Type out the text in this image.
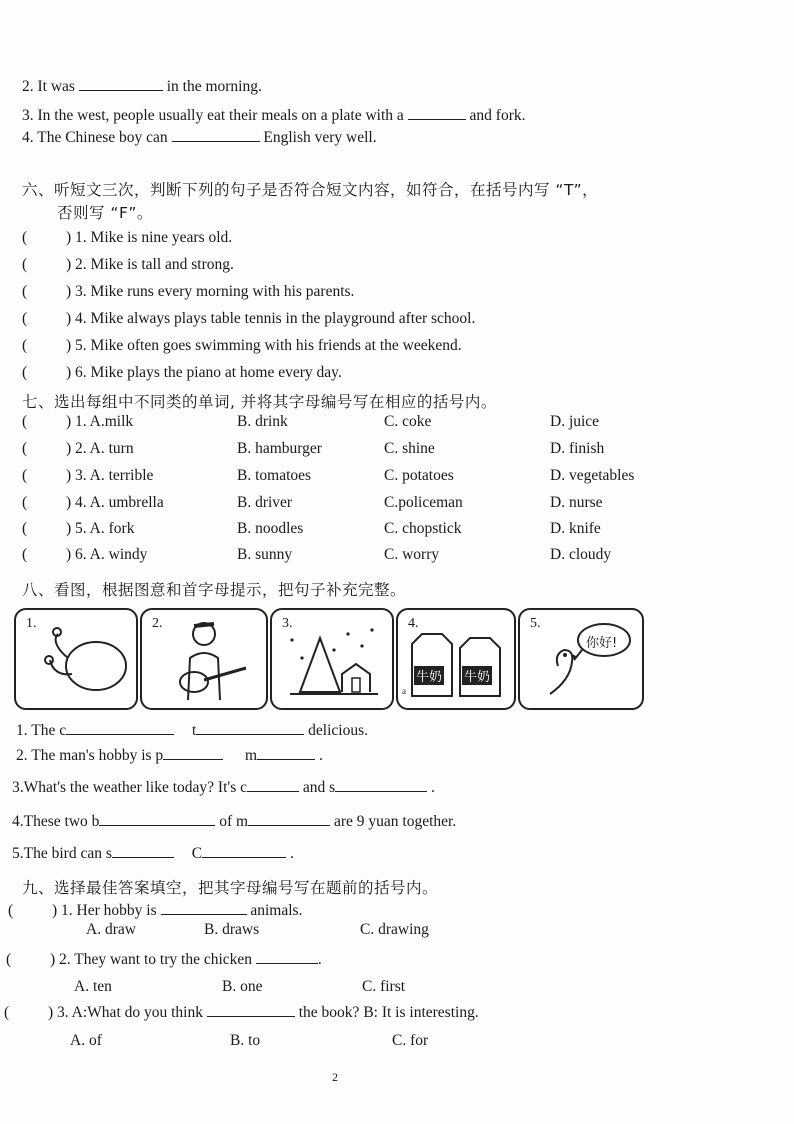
2. It was	in the morning.
3. In the west, people usually eat their meals on a plate with a	and fork.
4. The Chinese boy can	English very well.
六、听短文三次，判断下列的句子是否符合短文内容，如符合，在括号内写 “T”，
否则写 “F”。
(	) 1. Mike is nine years old.
(	) 2. Mike is tall and strong.
(	) 3. Mike runs every morning with his parents.
(	) 4. Mike always plays table tennis in the playground after school.
(	) 5. Mike often goes swimming with his friends at the weekend.
(	) 6. Mike plays the piano at home every day.
七、选出每组中不同类的单词, 并将其字母编号写在相应的括号内。
(	) 1. A.milk	B. drink	C. coke	D. juice
(	) 2. A. turn	B. hamburger	C. shine	D. finish
(	) 3. A. terrible	B. tomatoes	C. potatoes	D. vegetables
(	) 4. A. umbrella	B. driver	C.policeman	D. nurse
(	) 5. A. fork	B. noodles	C. chopstick	D. knife
(	) 6. A. windy	B. sunny	C. worry	D. cloudy
八、看图，根据图意和首字母提示，把句子补充完整。
1.	2.	3.	4.
牛奶 牛奶
a
5.
你好!
1. The c	t	delicious.
2. The man's hobby is p	m	.
3.What's the weather like today? It's c	and s	.
4.These two b	of m	are 9 yuan together.
5.The bird can s	C	.
九、选择最佳答案填空，把其字母编号写在题前的括号内。
(	) 1. Her hobby is	animals.
A. draw	B. draws	C. drawing
(	) 2. They want to try the chicken	.
A. ten	B. one	C. first
(	) 3. A:What do you think	the book? B: It is interesting.
A. of	B. to	C. for
2
